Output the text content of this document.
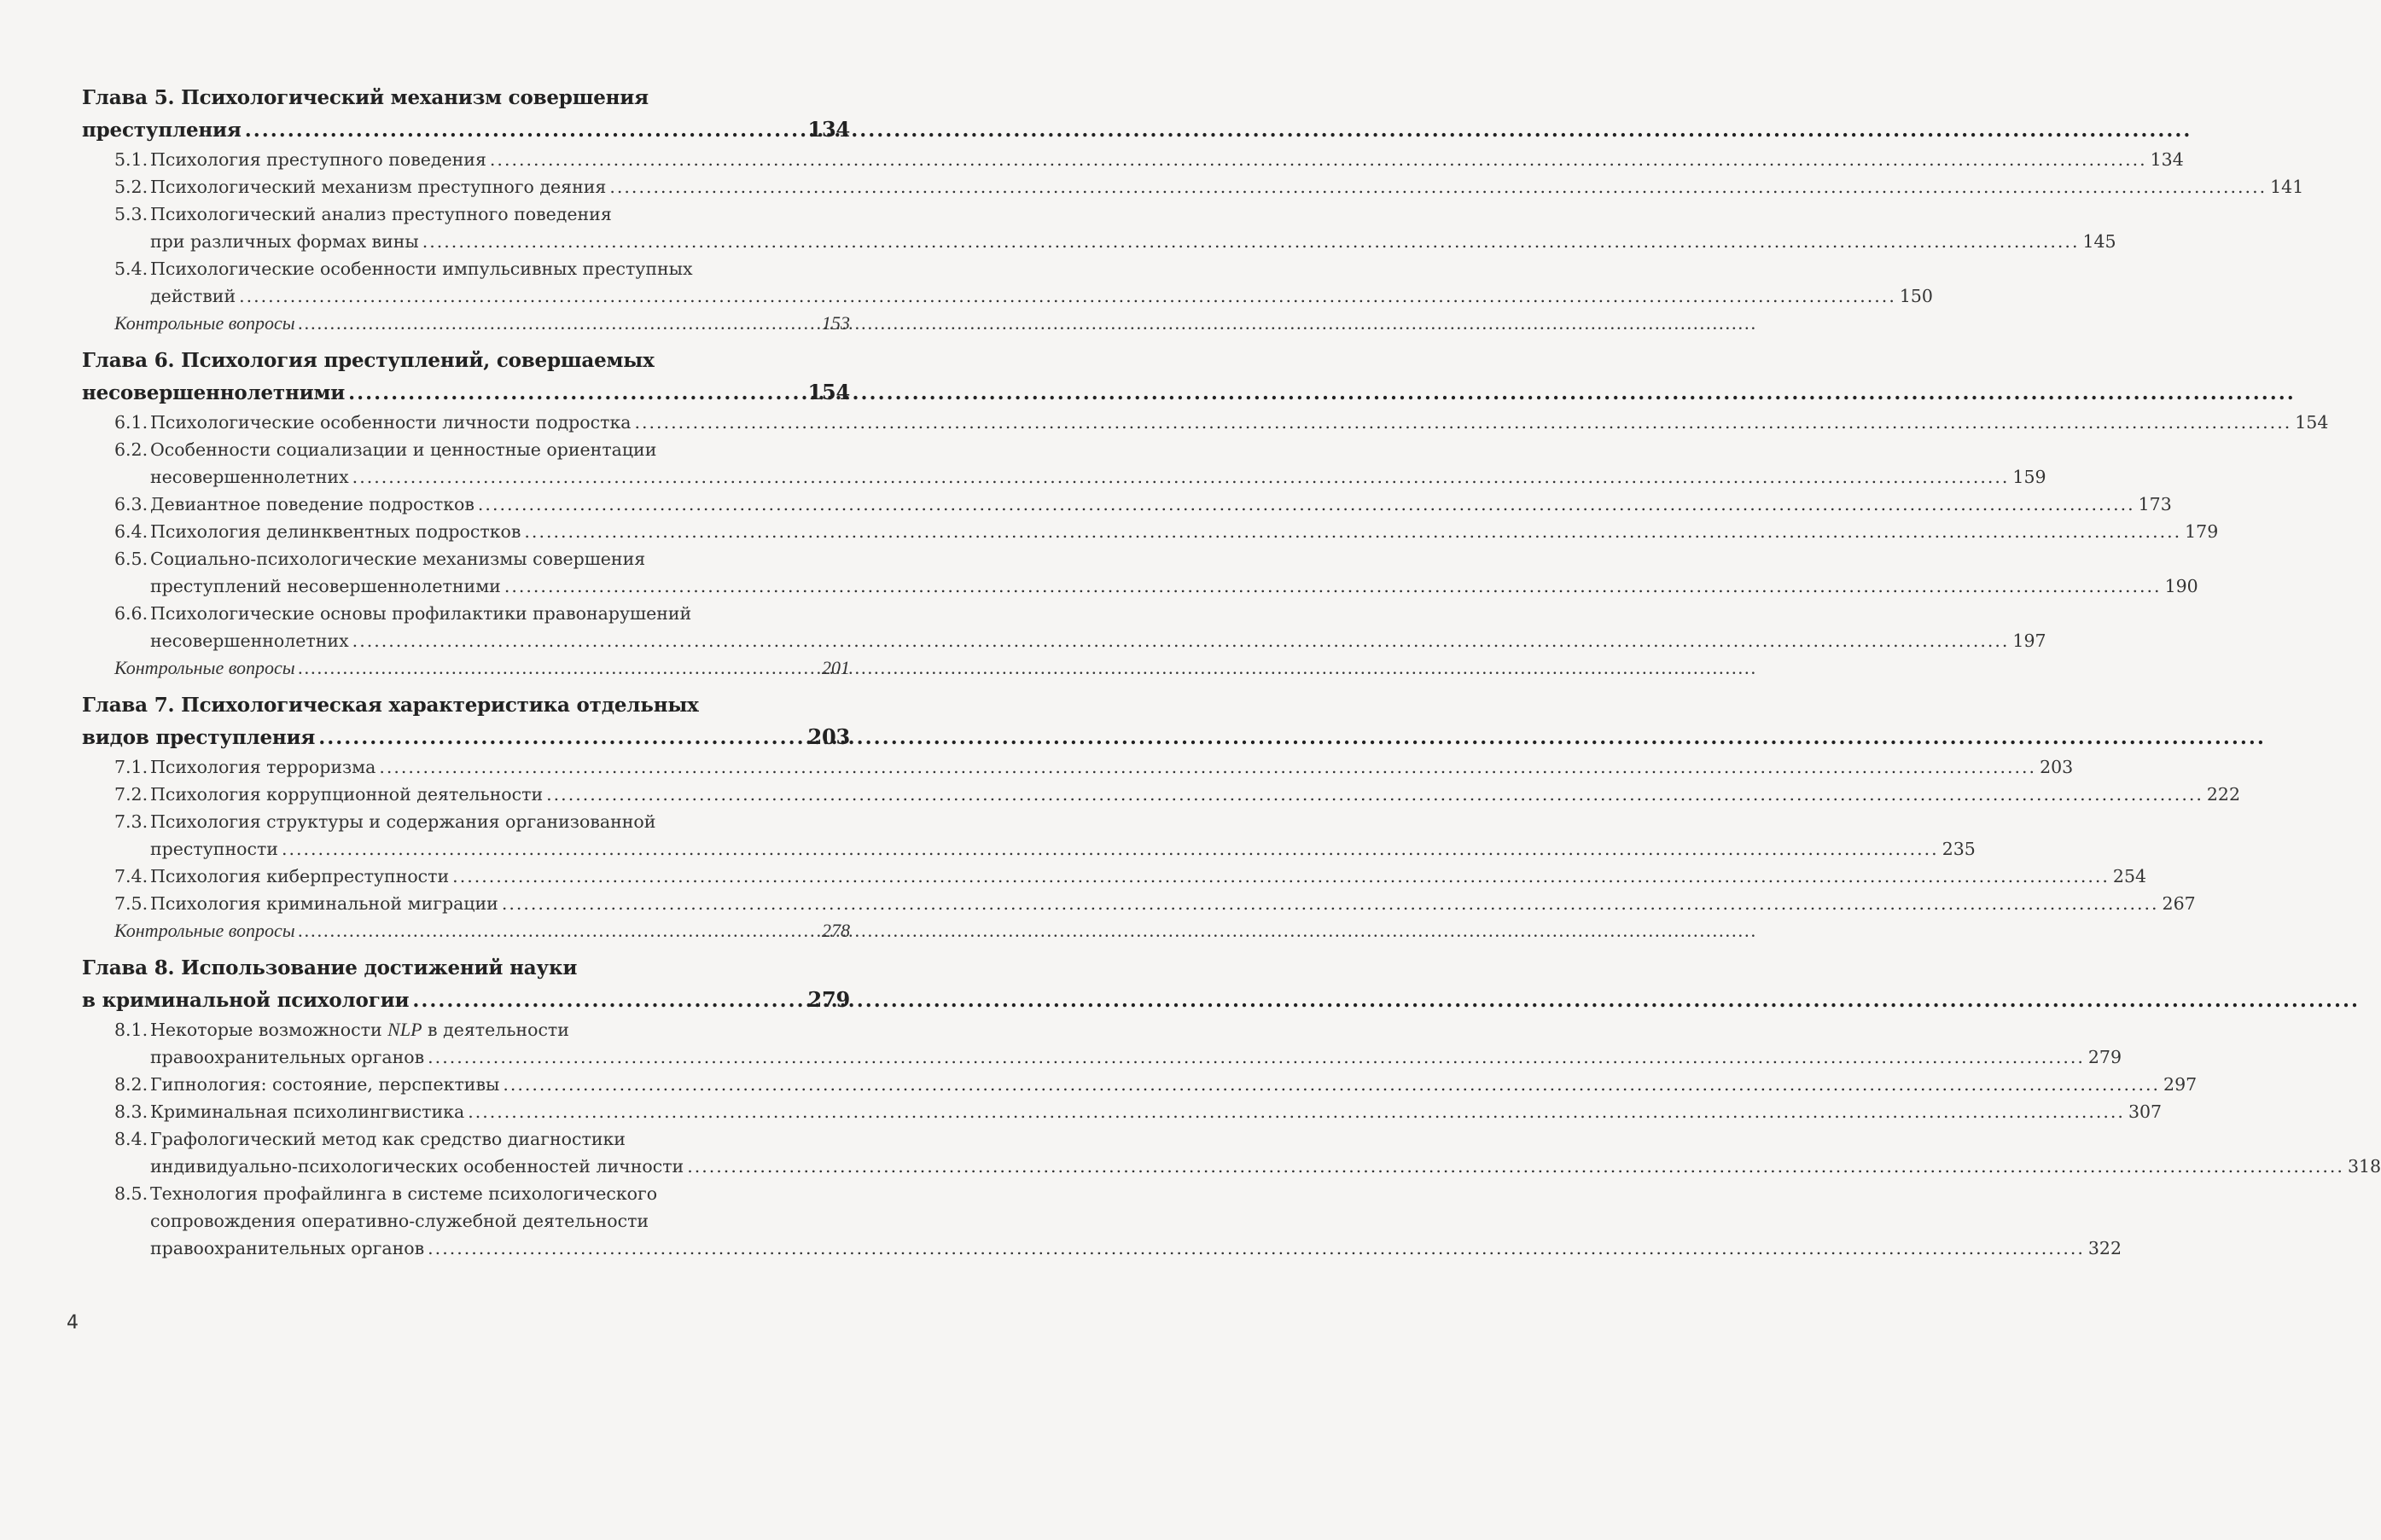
Глава 5. Психологический механизм совершения
преступления .....	134
5.1. Психология преступного поведения .....	134
5.2. Психологический механизм преступного деяния .....	141
5.3. Психологический анализ преступного поведения
при различных формах вины .....	145
5.4. Психологические особенности импульсивных преступных
действий .....	150
Контрольные вопросы .....	153
Глава 6. Психология преступлений, совершаемых
несовершеннолетними .....	154
6.1. Психологические особенности личности подростка .....	154
6.2. Особенности социализации и ценностные ориентации
несовершеннолетних .....	159
6.3. Девиантное поведение подростков .....	173
6.4. Психология делинквентных подростков .....	179
6.5. Социально-психологические механизмы совершения
преступлений несовершеннолетними .....	190
6.6. Психологические основы профилактики правонарушений
несовершеннолетних .....	197
Контрольные вопросы .....	201
Глава 7. Психологическая характеристика отдельных
видов преступления .....	203
7.1. Психология терроризма .....	203
7.2. Психология коррупционной деятельности .....	222
7.3. Психология структуры и содержания организованной
преступности .....	235
7.4. Психология киберпреступности .....	254
7.5. Психология криминальной миграции .....	267
Контрольные вопросы .....	278
Глава 8. Использование достижений науки
в криминальной психологии .....	279
8.1. Некоторые возможности NLP в деятельности
правоохранительных органов .....	279
8.2. Гипнология: состояние, перспективы .....	297
8.3. Криминальная психолингвистика .....	307
8.4. Графологический метод как средство диагностики
индивидуально-психологических особенностей личности .....	318
8.5. Технология профайлинга в системе психологического
сопровождения оперативно-служебной деятельности
правоохранительных органов .....	322
4
